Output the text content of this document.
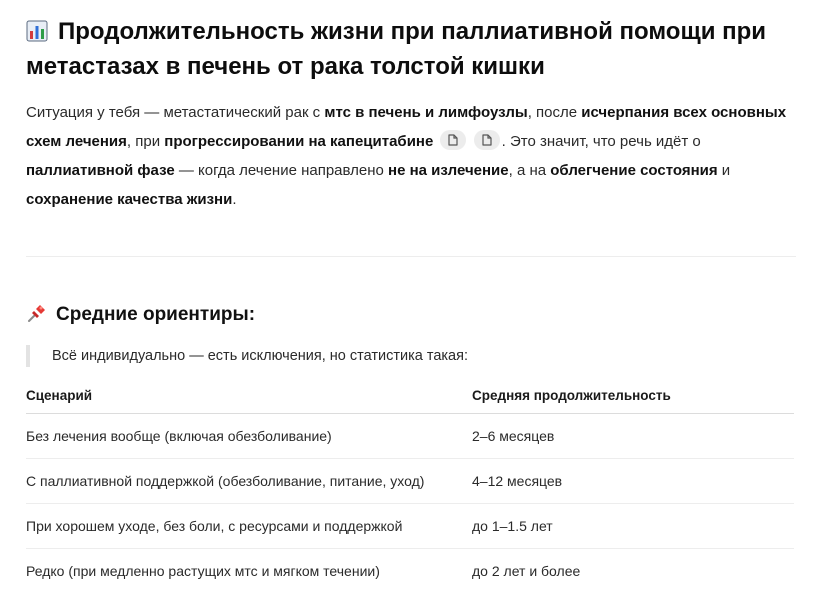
Продолжительность жизни при паллиативной помощи при метастазах в печень от рака толстой кишки

Ситуация у тебя — метастатический рак с мтс в печень и лимфоузлы, после исчерпания всех основных схем лечения, при прогрессировании на капецитабине
	. Это значит, что речь идёт о паллиативной фазе — когда лечение направлено не на излечение, а на облегчение состояния и сохранение качества жизни.

Средние ориентиры:
Всё индивидуально — есть исключения, но статистика такая:
Сценарий	Средняя продолжительность
Без лечения вообще (включая обезболивание)	2–6 месяцев
С паллиативной поддержкой (обезболивание, питание, уход)	4–12 месяцев
При хорошем уходе, без боли, с ресурсами и поддержкой	до 1–1.5 лет
Редко (при медленно растущих мтс и мягком течении)	до 2 лет и более
